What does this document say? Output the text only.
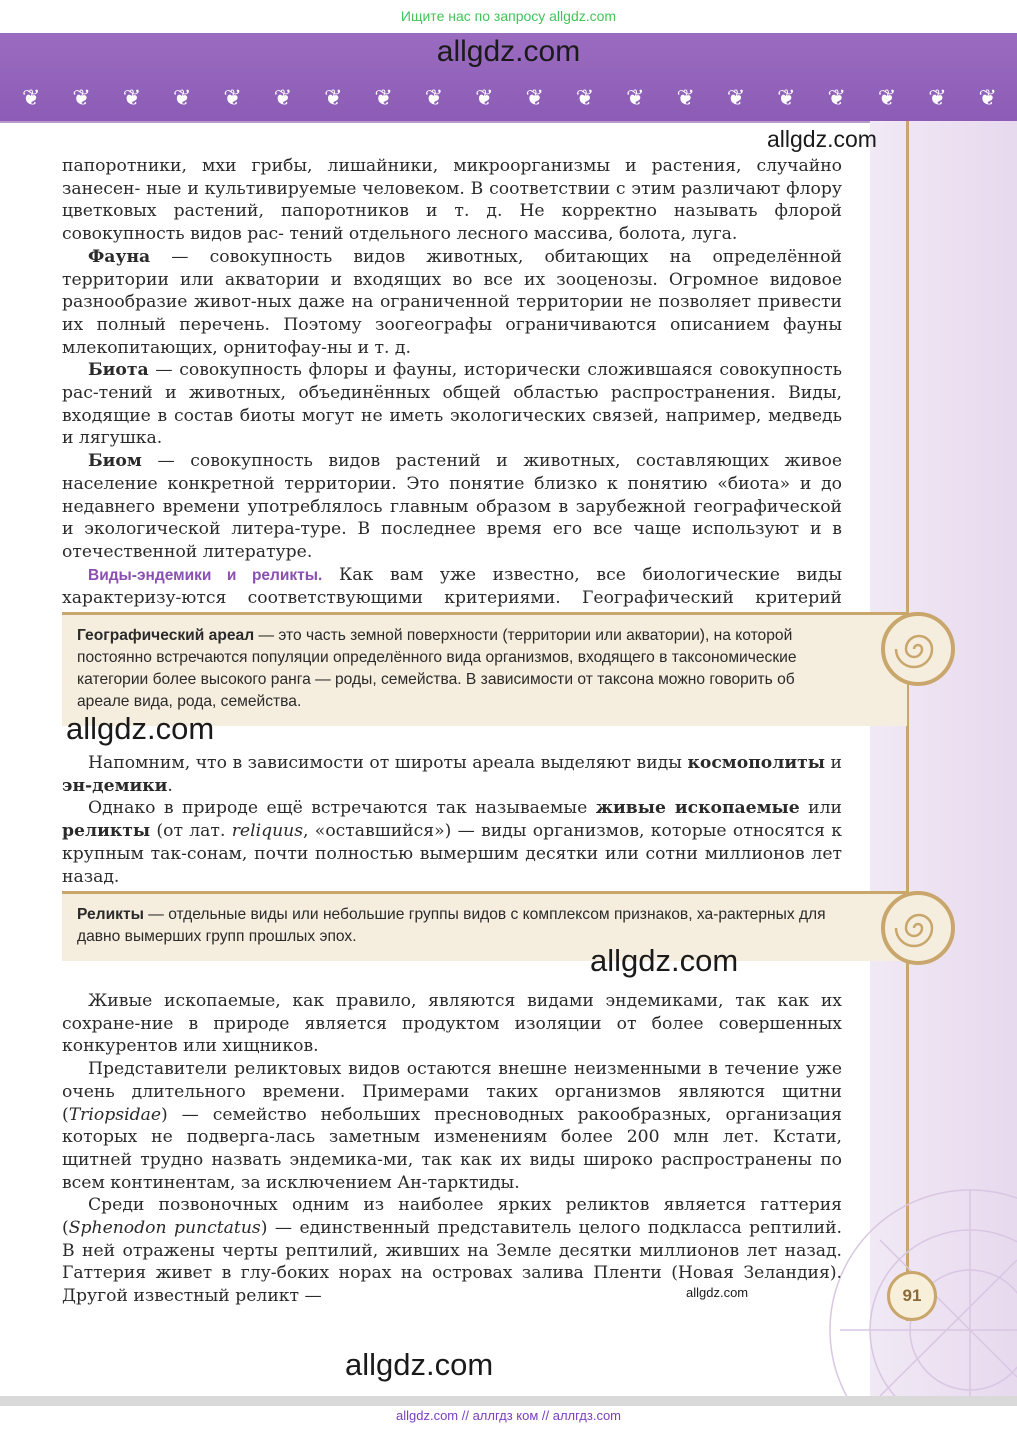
Ищите нас по запросу allgdz.com
allgdz.com
❦ ❦ ❦ ❦ ❦ ❦ ❦ ❦ ❦ ❦ ❦ ❦ ❦ ❦ ❦ ❦ ❦ ❦ ❦ ❦
allgdz.com

папоротники, мхи грибы, лишайники, микроорганизмы и растения, случайно занесен- ные и культивируемые человеком. В соответствии с этим различают флору цветковых растений, папоротников и т. д. Не корректно называть флорой совокупность видов рас- тений отдельного лесного массива, болота, луга.

Фауна — совокупность видов животных, обитающих на определённой территории или акватории и входящих во все их зооценозы. Огромное видовое разнообразие живот-ных даже на ограниченной территории не позволяет привести их полный перечень. Поэтому зоогеографы ограничиваются описанием фауны млекопитающих, орнитофау-ны и т. д.

Биота — совокупность флоры и фауны, исторически сложившаяся совокупность рас-тений и животных, объединённых общей областью распространения. Виды, входящие в состав биоты могут не иметь экологических связей, например, медведь и лягушка.

Биом — совокупность видов растений и животных, составляющих живое население конкретной территории. Это понятие близко к понятию «биота» и до недавнего времени употреблялось главным образом в зарубежной географической и экологической литера-туре. В последнее время его все чаще используют и в отечественной литературе.

Виды-эндемики и реликты. Как вам уже известно, все биологические виды характеризу-ются соответствующими критериями. Географический критерий

Географический ареал — это часть земной поверхности (территории или акватории), на которой постоянно встречаются популяции определённого вида организмов, входящего в таксономические категории более высокого ранга — роды, семейства. В зависимости от таксона можно говорить об ареале вида, рода, семейства.
allgdz.com

Напомним, что в зависимости от широты ареала выделяют виды космополиты и эн-демики.

Однако в природе ещё встречаются так называемые живые ископаемые или реликты (от лат. reliquus, «оставшийся») — виды организмов, которые относятся к крупным так-сонам, почти полностью вымершим десятки или сотни миллионов лет назад.

Реликты — отдельные виды или небольшие группы видов с комплексом признаков, ха-рактерных для давно вымерших групп прошлых эпох.
allgdz.com

Живые ископаемые, как правило, являются видами эндемиками, так как их сохране-ние в природе является продуктом изоляции от более совершенных конкурентов или хищников.

Представители реликтовых видов остаются внешне неизменными в течение уже очень длительного времени. Примерами таких организмов являются щитни (Triopsidae) — семейство небольших пресноводных ракообразных, организация которых не подверга-лась заметным изменениям более 200 млн лет. Кстати, щитней трудно назвать эндемика-ми, так как их виды широко распространены по всем континентам, за исключением Ан-тарктиды.

Среди позвоночных одним из наиболее ярких реликтов является гаттерия (Sphenodon punctatus) — единственный представитель целого подкласса рептилий. В ней отражены черты рептилий, живших на Земле десятки миллионов лет назад. Гаттерия живет в глу-боких норах на островах залива Пленти (Новая Зеландия). Другой известный реликт —	allgdz.com	91
allgdz.com
allgdz.com // аллгдз ком // аллгдз.com
